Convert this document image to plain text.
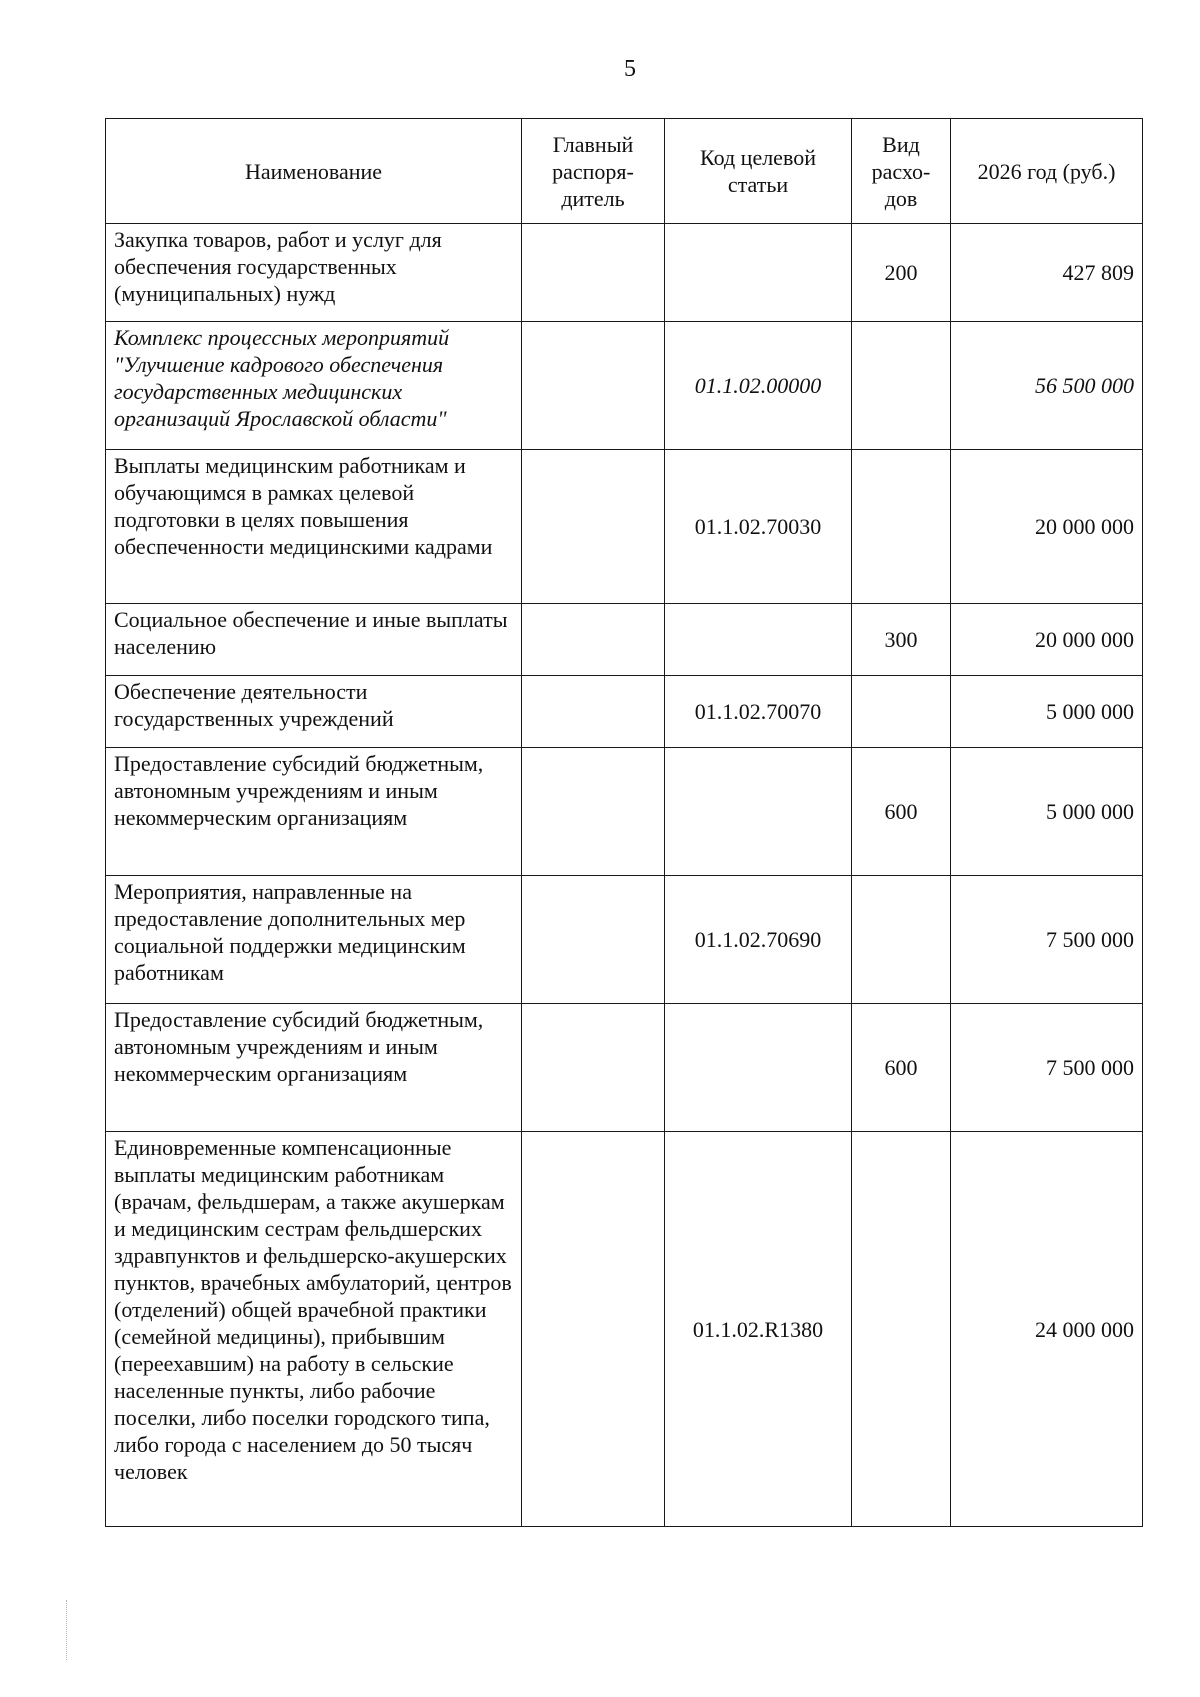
5
Наименование	Главный распоря-дитель	Код целевой статьи	Вид расхо-дов	2026 год (руб.)
Закупка товаров, работ и услуг для обеспечения государственных (муниципальных) нужд			200	427 809
Комплекс процессных мероприятий "Улучшение кадрового обеспечения государственных медицинских организаций Ярославской области"		01.1.02.00000		56 500 000
Выплаты медицинским работникам и обучающимся в рамках целевой подготовки в целях повышения обеспеченности медицинскими кадрами		01.1.02.70030		20 000 000
Социальное обеспечение и иные выплаты населению			300	20 000 000
Обеспечение деятельности государственных учреждений		01.1.02.70070		5 000 000
Предоставление субсидий бюджетным, автономным учреждениям и иным некоммерческим организациям			600	5 000 000
Мероприятия, направленные на предоставление дополнительных мер социальной поддержки медицинским работникам		01.1.02.70690		7 500 000
Предоставление субсидий бюджетным, автономным учреждениям и иным некоммерческим организациям			600	7 500 000
Единовременные компенсационные выплаты медицинским работникам (врачам, фельдшерам, а также акушеркам и медицинским сестрам фельдшерских здравпунктов и фельдшерско-акушерских пунктов, врачебных амбулаторий, центров (отделений) общей врачебной практики (семейной медицины), прибывшим (переехавшим) на работу в сельские населенные пункты, либо рабочие поселки, либо поселки городского типа, либо города с населением до 50 тысяч человек		01.1.02.R1380		24 000 000
